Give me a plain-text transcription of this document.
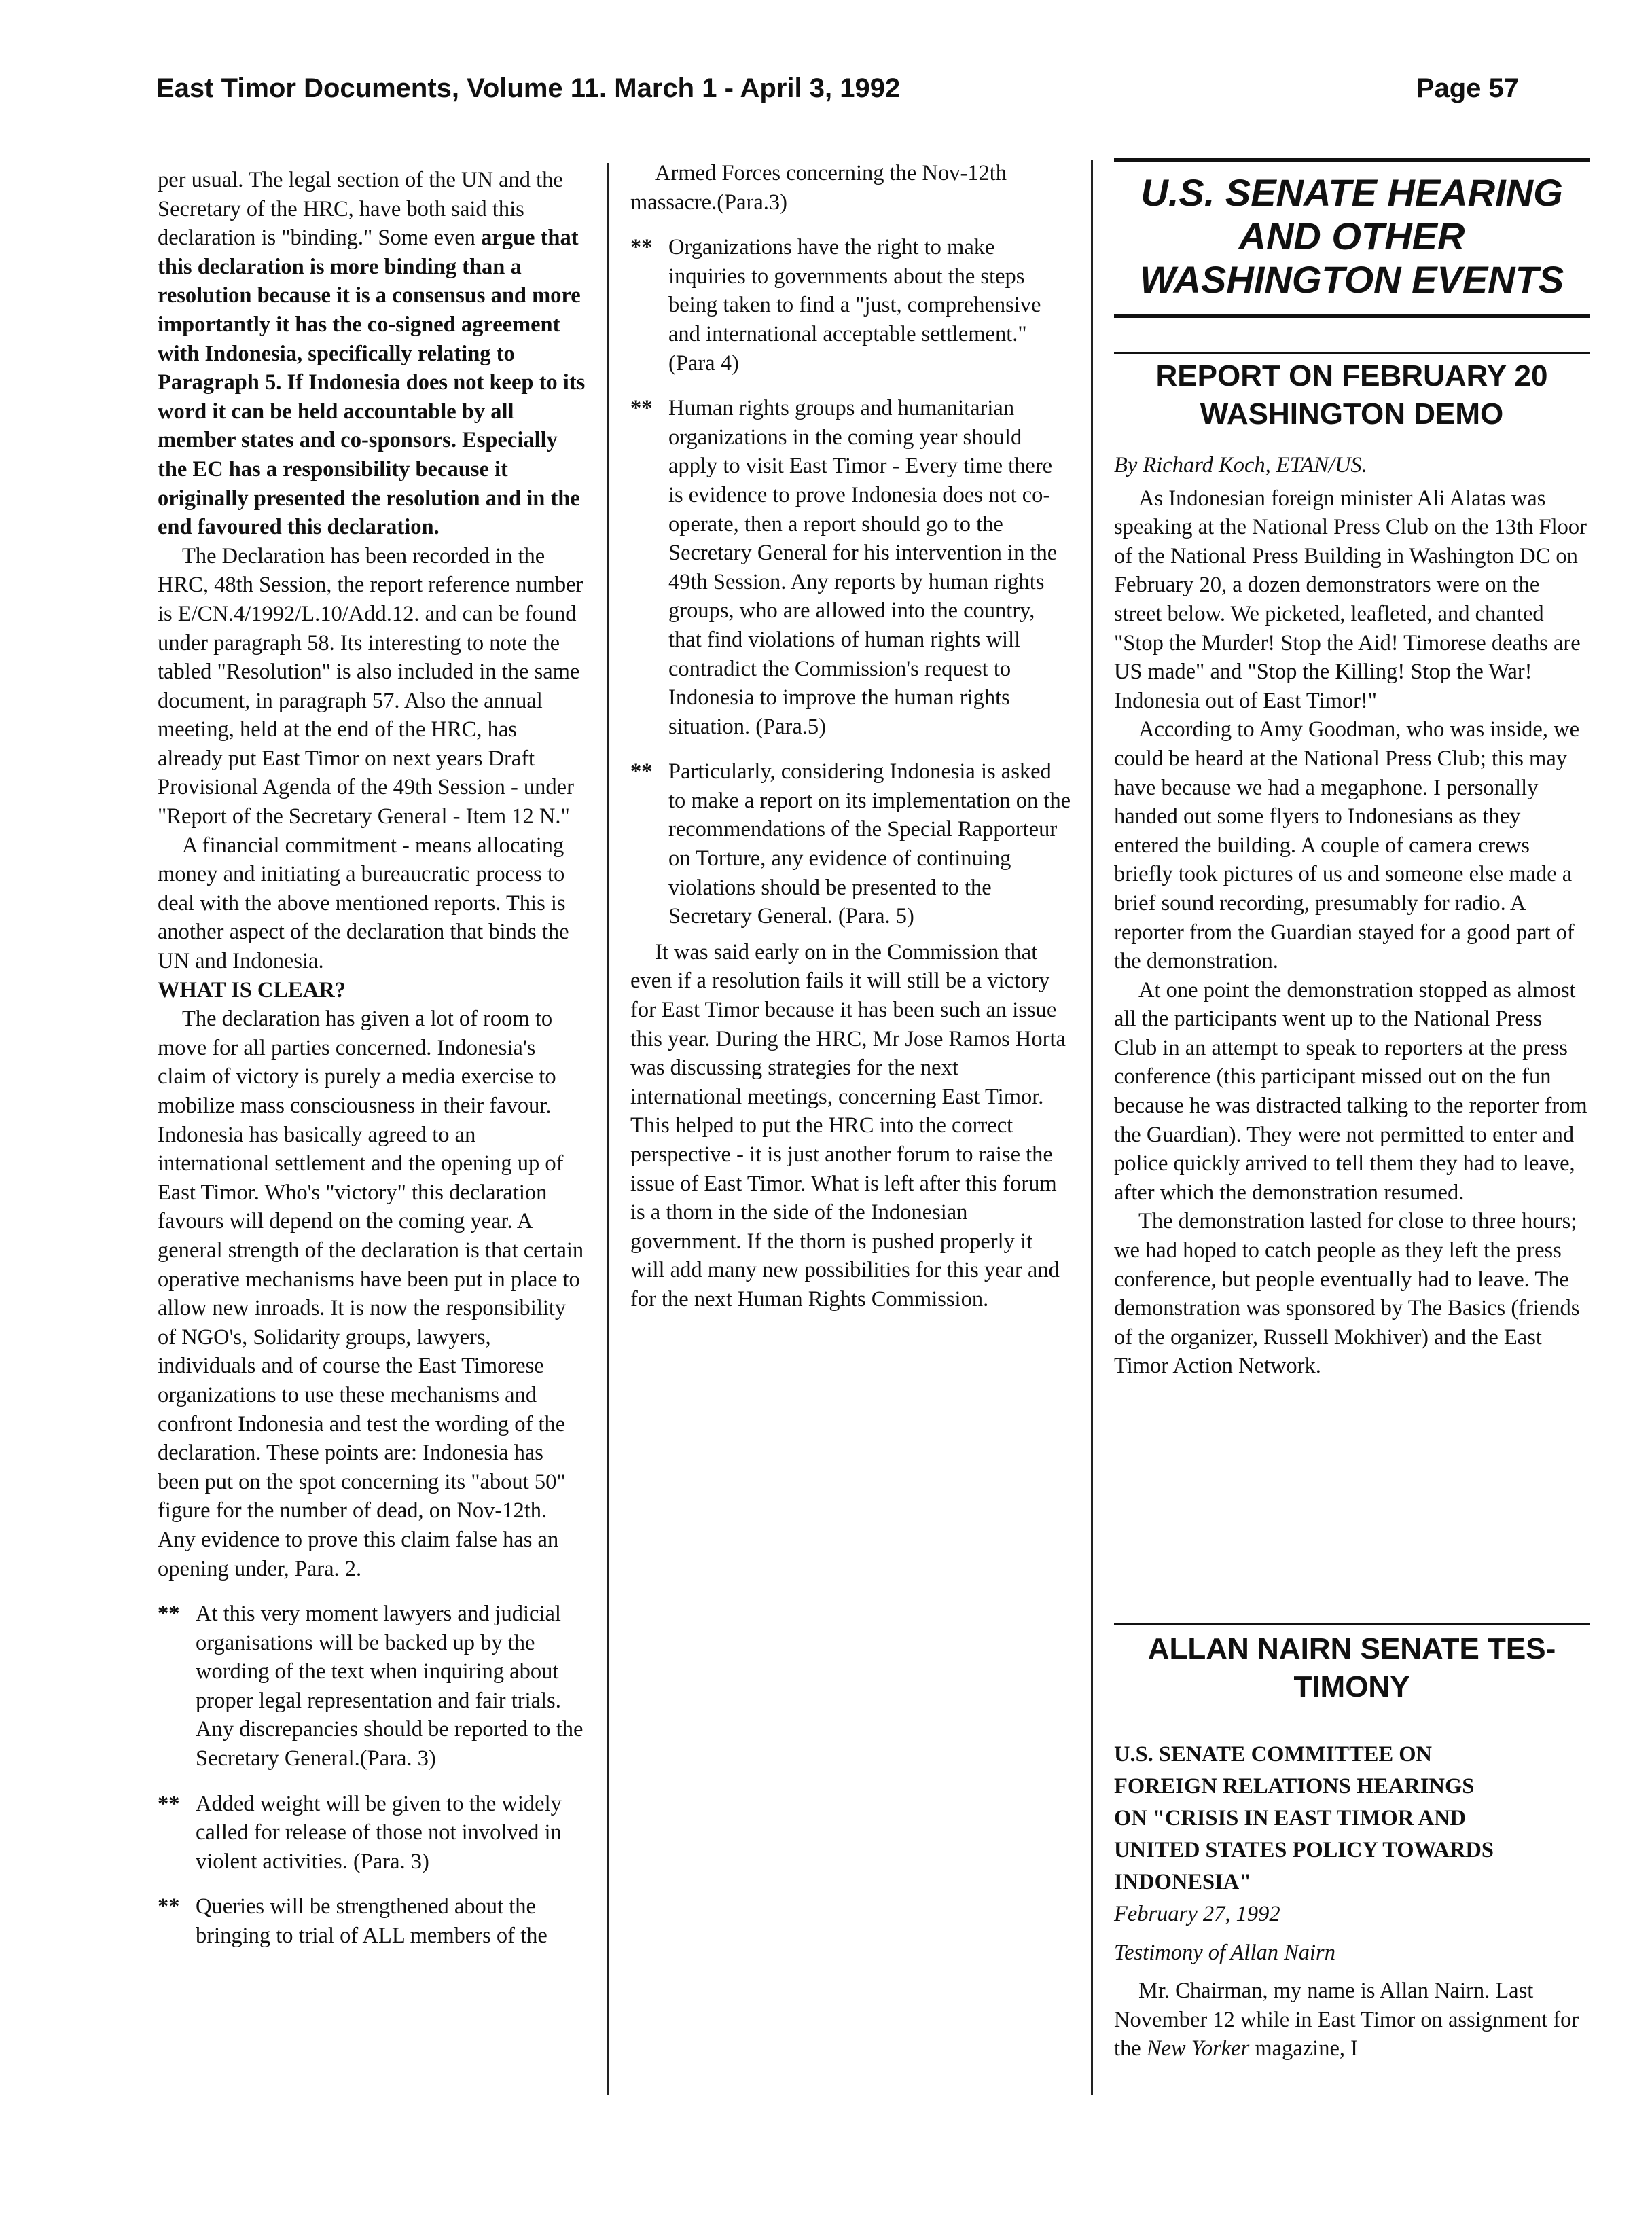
East Timor Documents, Volume 11. March 1 - April 3, 1992	Page 57

per usual. The legal section of the UN and the Secretary of the HRC, have both said this declaration is "binding." Some even argue that this declaration is more binding than a resolution because it is a consensus and more importantly it has the co-signed agreement with Indonesia, specifically relating to Paragraph 5. If Indonesia does not keep to its word it can be held accountable by all member states and co-sponsors. Especially the EC has a responsibility because it originally presented the resolution and in the end favoured this declaration.

The Declaration has been recorded in the HRC, 48th Session, the report reference number is E/CN.4/1992/L.10/Add.12. and can be found under paragraph 58. Its interesting to note the tabled "Resolution" is also included in the same document, in paragraph 57. Also the annual meeting, held at the end of the HRC, has already put East Timor on next years Draft Provisional Agenda of the 49th Session - under "Report of the Secretary General - Item 12 N."

A financial commitment - means allocating money and initiating a bureaucratic process to deal with the above mentioned reports. This is another aspect of the declaration that binds the UN and Indonesia.

WHAT IS CLEAR?

The declaration has given a lot of room to move for all parties concerned. Indonesia's claim of victory is purely a media exercise to mobilize mass consciousness in their favour. Indonesia has basically agreed to an international settlement and the opening up of East Timor. Who's "victory" this declaration favours will depend on the coming year. A general strength of the declaration is that certain operative mechanisms have been put in place to allow new inroads. It is now the responsibility of NGO's, Solidarity groups, lawyers, individuals and of course the East Timorese organizations to use these mechanisms and confront Indonesia and test the wording of the declaration. These points are: Indonesia has been put on the spot concerning its "about 50" figure for the number of dead, on Nov-12th. Any evidence to prove this claim false has an opening under, Para. 2.

** At this very moment lawyers and judicial organisations will be backed up by the wording of the text when inquiring about proper legal representation and fair trials. Any discrepancies should be reported to the Secretary General.(Para. 3)

** Added weight will be given to the widely called for release of those not involved in violent activities. (Para. 3)

** Queries will be strengthened about the bringing to trial of ALL members of the

Armed Forces concerning the Nov-12th massacre.(Para.3)

** Organizations have the right to make inquiries to governments about the steps being taken to find a "just, comprehensive and international acceptable settlement."(Para 4)

** Human rights groups and humanitarian organizations in the coming year should apply to visit East Timor - Every time there is evidence to prove Indonesia does not co-operate, then a report should go to the Secretary General for his intervention in the 49th Session. Any reports by human rights groups, who are allowed into the country, that find violations of human rights will contradict the Commission's request to Indonesia to improve the human rights situation. (Para.5)

** Particularly, considering Indonesia is asked to make a report on its implementation on the recommendations of the Special Rapporteur on Torture, any evidence of continuing violations should be presented to the Secretary General. (Para. 5)

It was said early on in the Commission that even if a resolution fails it will still be a victory for East Timor because it has been such an issue this year. During the HRC, Mr Jose Ramos Horta was discussing strategies for the next international meetings, concerning East Timor. This helped to put the HRC into the correct perspective - it is just another forum to raise the issue of East Timor. What is left after this forum is a thorn in the side of the Indonesian government. If the thorn is pushed properly it will add many new possibilities for this year and for the next Human Rights Commission.

U.S. SENATE HEARING
AND OTHER
WASHINGTON EVENTS
REPORT ON FEBRUARY 20
WASHINGTON DEMO

By Richard Koch, ETAN/US.

As Indonesian foreign minister Ali Alatas was speaking at the National Press Club on the 13th Floor of the National Press Building in Washington DC on February 20, a dozen demonstrators were on the street below. We picketed, leafleted, and chanted "Stop the Murder! Stop the Aid! Timorese deaths are US made" and "Stop the Killing! Stop the War! Indonesia out of East Timor!"

According to Amy Goodman, who was inside, we could be heard at the National Press Club; this may have because we had a megaphone. I personally handed out some flyers to Indonesians as they entered the building. A couple of camera crews briefly took pictures of us and someone else made a brief sound recording, presumably for radio. A reporter from the Guardian stayed for a good part of the demonstration.

At one point the demonstration stopped as almost all the participants went up to the National Press Club in an attempt to speak to reporters at the press conference (this participant missed out on the fun because he was distracted talking to the reporter from the Guardian). They were not permitted to enter and police quickly arrived to tell them they had to leave, after which the demonstration resumed.

The demonstration lasted for close to three hours; we had hoped to catch people as they left the press conference, but people eventually had to leave. The demonstration was sponsored by The Basics (friends of the organizer, Russell Mokhiver) and the East Timor Action Network.

ALLAN NAIRN SENATE TES-
TIMONY
U.S. SENATE COMMITTEE ON
FOREIGN RELATIONS HEARINGS
ON "CRISIS IN EAST TIMOR AND
UNITED STATES POLICY TOWARDS
INDONESIA"

February 27, 1992

Testimony of Allan Nairn

Mr. Chairman, my name is Allan Nairn. Last November 12 while in East Timor on assignment for the New Yorker magazine, I
